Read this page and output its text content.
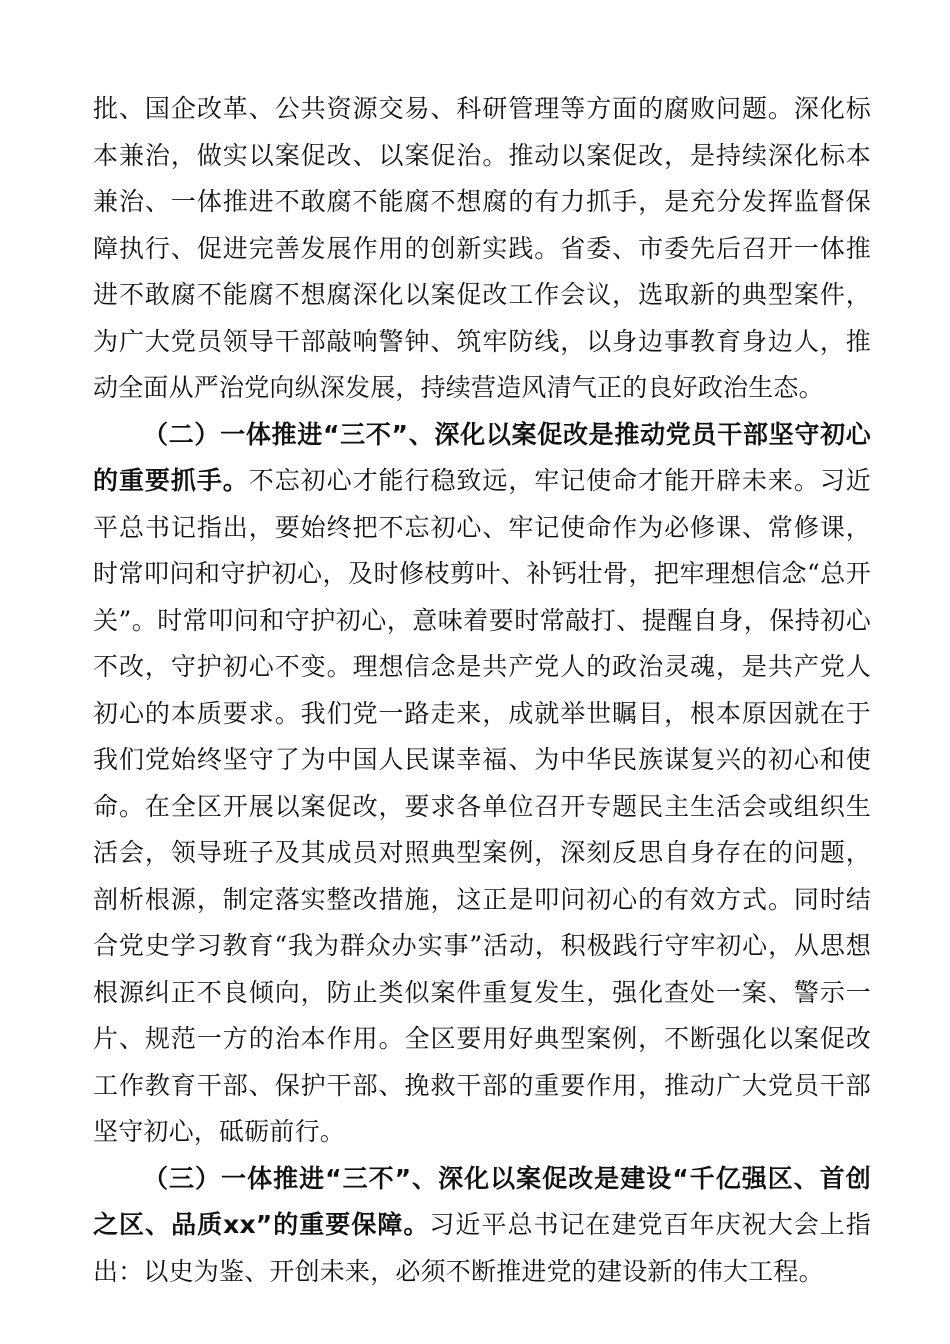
批、国企改革、公共资源交易、科研管理等方面的腐败问题。深化标本兼治，做实以案促改、以案促治。推动以案促改，是持续深化标本兼治、一体推进不敢腐不能腐不想腐的有力抓手，是充分发挥监督保障执行、促进完善发展作用的创新实践。省委、市委先后召开一体推进不敢腐不能腐不想腐深化以案促改工作会议，选取新的典型案件，为广大党员领导干部敲响警钟、筑牢防线，以身边事教育身边人，推动全面从严治党向纵深发展，持续营造风清气正的良好政治生态。

（二）一体推进“三不”、深化以案促改是推动党员干部坚守初心的重要抓手。不忘初心才能行稳致远，牢记使命才能开辟未来。习近平总书记指出，要始终把不忘初心、牢记使命作为必修课、常修课，时常叩问和守护初心，及时修枝剪叶、补钙壮骨，把牢理想信念“总开关”。时常叩问和守护初心，意味着要时常敲打、提醒自身，保持初心不改，守护初心不变。理想信念是共产党人的政治灵魂，是共产党人初心的本质要求。我们党一路走来，成就举世瞩目，根本原因就在于我们党始终坚守了为中国人民谋幸福、为中华民族谋复兴的初心和使命。在全区开展以案促改，要求各单位召开专题民主生活会或组织生活会，领导班子及其成员对照典型案例，深刻反思自身存在的问题，剖析根源，制定落实整改措施，这正是叩问初心的有效方式。同时结合党史学习教育“我为群众办实事”活动，积极践行守牢初心，从思想根源纠正不良倾向，防止类似案件重复发生，强化查处一案、警示一片、规范一方的治本作用。全区要用好典型案例，不断强化以案促改工作教育干部、保护干部、挽救干部的重要作用，推动广大党员干部坚守初心，砥砺前行。

（三）一体推进“三不”、深化以案促改是建设“千亿强区、首创之区、品质xx”的重要保障。习近平总书记在建党百年庆祝大会上指出：以史为鉴、开创未来，必须不断推进党的建设新的伟大工程。
